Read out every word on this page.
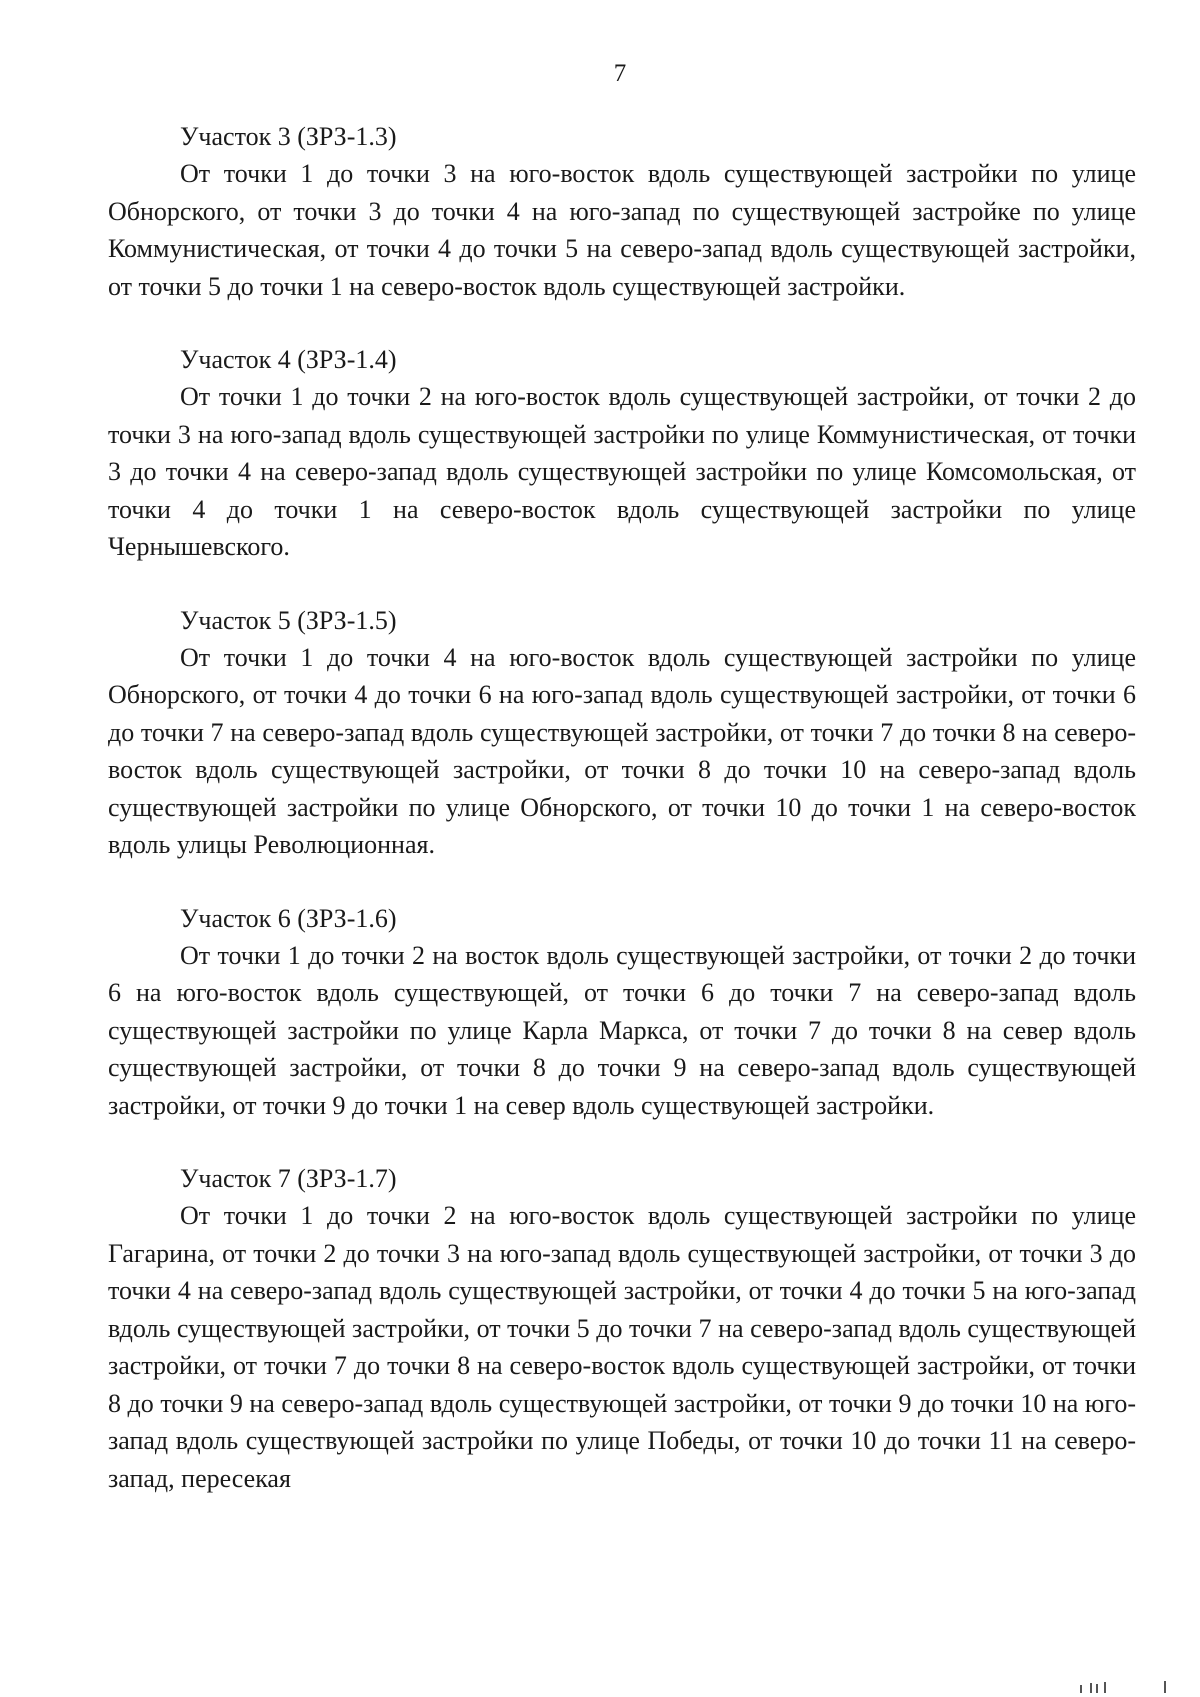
7

Участок 3 (ЗРЗ-1.3)

От точки 1 до точки 3 на юго-восток вдоль существующей застройки по улице Обнорского, от точки 3 до точки 4 на юго-запад по существующей застройке по улице Коммунистическая, от точки 4 до точки 5 на северо-запад вдоль существующей застройки, от точки 5 до точки 1 на северо-восток вдоль существующей застройки.

Участок 4 (ЗРЗ-1.4)

От точки 1 до точки 2 на юго-восток вдоль существующей застройки, от точки 2 до точки 3 на юго-запад вдоль существующей застройки по улице Коммунистическая, от точки 3 до точки 4 на северо-запад вдоль существующей застройки по улице Комсомольская, от точки 4 до точки 1 на северо-восток вдоль существующей застройки по улице Чернышевского.

Участок 5 (ЗРЗ-1.5)

От точки 1 до точки 4 на юго-восток вдоль существующей застройки по улице Обнорского, от точки 4 до точки 6 на юго-запад вдоль существующей застройки, от точки 6 до точки 7 на северо-запад вдоль существующей застройки, от точки 7 до точки 8 на северо-восток вдоль существующей застройки, от точки 8 до точки 10 на северо-запад вдоль существующей застройки по улице Обнорского, от точки 10 до точки 1 на северо-восток вдоль улицы Революционная.

Участок 6 (ЗРЗ-1.6)

От точки 1 до точки 2 на восток вдоль существующей застройки, от точки 2 до точки 6 на юго-восток вдоль существующей, от точки 6 до точки 7 на северо-запад вдоль существующей застройки по улице Карла Маркса, от точки 7 до точки 8 на север вдоль существующей застройки, от точки 8 до точки 9 на северо-запад вдоль существующей застройки, от точки 9 до точки 1 на север вдоль существующей застройки.

Участок 7 (ЗРЗ-1.7)

От точки 1 до точки 2 на юго-восток вдоль существующей застройки по улице Гагарина, от точки 2 до точки 3 на юго-запад вдоль существующей застройки, от точки 3 до точки 4 на северо-запад вдоль существующей застройки, от точки 4 до точки 5 на юго-запад вдоль существующей застройки, от точки 5 до точки 7 на северо-запад вдоль существующей застройки, от точки 7 до точки 8 на северо-восток вдоль существующей застройки, от точки 8 до точки 9 на северо-запад вдоль существующей застройки, от точки 9 до точки 10 на юго-запад вдоль существующей застройки по улице Победы, от точки 10 до точки 11 на северо-запад, пересекая
